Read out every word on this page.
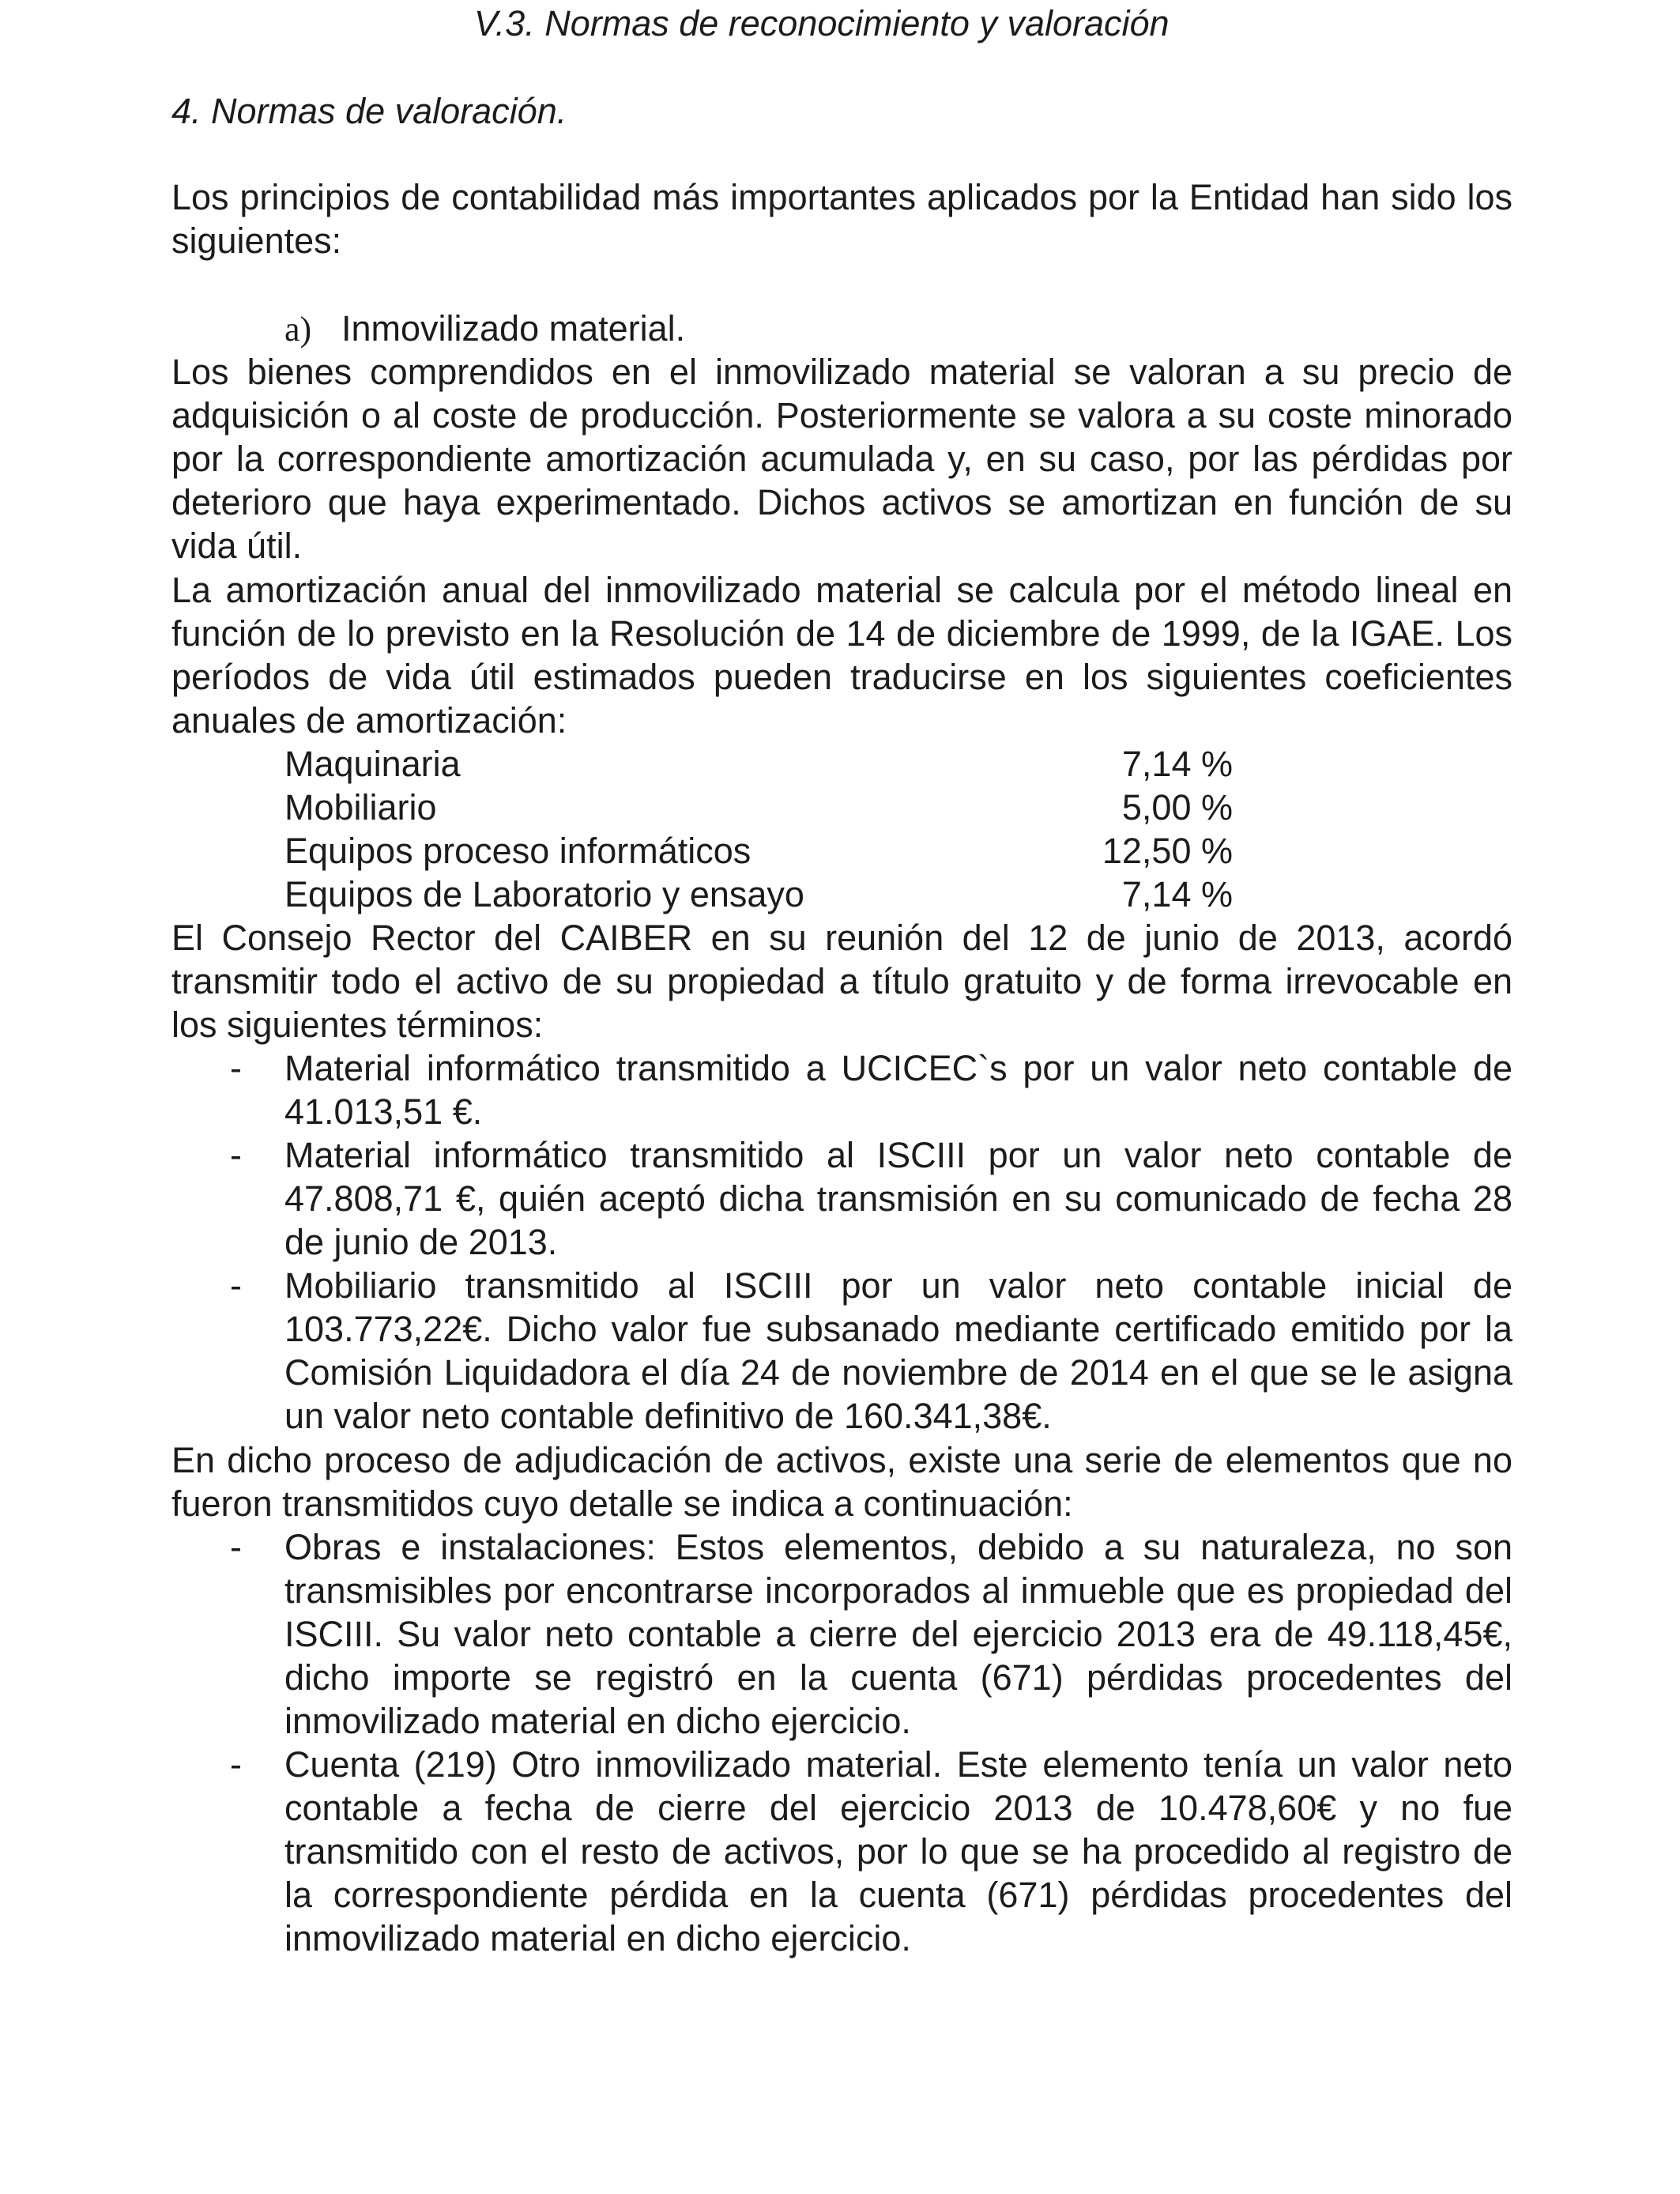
V.3. Normas de reconocimiento y valoración
4. Normas de valoración.

Los principios de contabilidad más importantes aplicados por la Entidad han sido los siguientes:

a) Inmovilizado material.

Los bienes comprendidos en el inmovilizado material se valoran a su precio de adquisición o al coste de producción. Posteriormente se valora a su coste minorado por la correspondiente amortización acumulada y, en su caso, por las pérdidas por deterioro que haya experimentado. Dichos activos se amortizan en función de su vida útil.

La amortización anual del inmovilizado material se calcula por el método lineal en función de lo previsto en la Resolución de 14 de diciembre de 1999, de la IGAE. Los períodos de vida útil estimados pueden traducirse en los siguientes coeficientes anuales de amortización:

Maquinaria	7,14 %
Mobiliario	5,00 %
Equipos proceso informáticos	12,50 %
Equipos de Laboratorio y ensayo	7,14 %

El Consejo Rector del CAIBER en su reunión del 12 de junio de 2013, acordó transmitir todo el activo de su propiedad a título gratuito y de forma irrevocable en los siguientes términos:

- Material informático transmitido a UCICEC`s por un valor neto contable de 41.013,51 €.
- Material informático transmitido al ISCIII por un valor neto contable de 47.808,71 €, quién aceptó dicha transmisión en su comunicado de fecha 28 de junio de 2013.
- Mobiliario transmitido al ISCIII por un valor neto contable inicial de 103.773,22€. Dicho valor fue subsanado mediante certificado emitido por la Comisión Liquidadora el día 24 de noviembre de 2014 en el que se le asigna un valor neto contable definitivo de 160.341,38€.

En dicho proceso de adjudicación de activos, existe una serie de elementos que no fueron transmitidos cuyo detalle se indica a continuación:

- Obras e instalaciones: Estos elementos, debido a su naturaleza, no son transmisibles por encontrarse incorporados al inmueble que es propiedad del ISCIII. Su valor neto contable a cierre del ejercicio 2013 era de 49.118,45€, dicho importe se registró en la cuenta (671) pérdidas procedentes del inmovilizado material en dicho ejercicio.
- Cuenta (219) Otro inmovilizado material. Este elemento tenía un valor neto contable a fecha de cierre del ejercicio 2013 de 10.478,60€ y no fue transmitido con el resto de activos, por lo que se ha procedido al registro de la correspondiente pérdida en la cuenta (671) pérdidas procedentes del inmovilizado material en dicho ejercicio.
